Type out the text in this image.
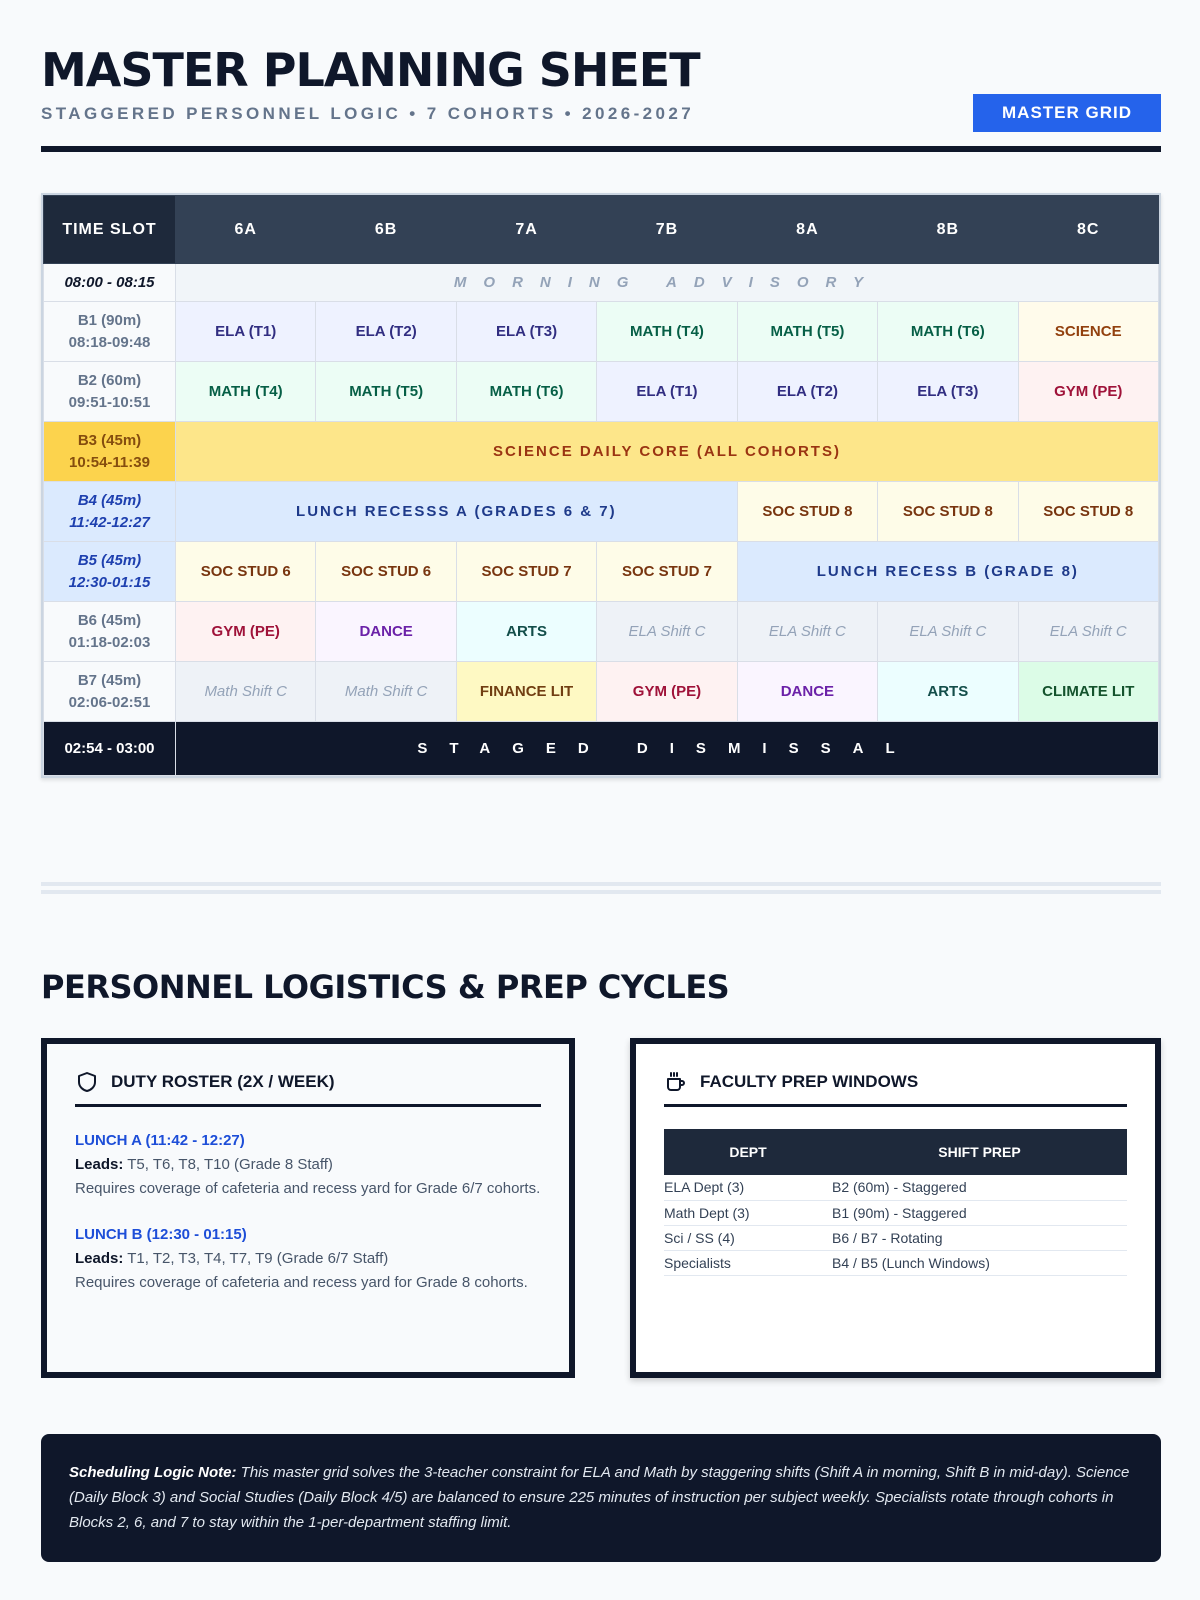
MASTER PLANNING SHEET
STAGGERED PERSONNEL LOGIC • 7 COHORTS • 2026-2027	MASTER GRID
TIME SLOT	6A	6B	7A	7B	8A	8B	8C
08:00 - 08:15	MORNING ADVISORY						

B1 (90m)
08:18-09:48	ELA (T1)	ELA (T2)	ELA (T3)	MATH (T4)	MATH (T5)	MATH (T6)	SCIENCE

B2 (60m)
09:51-10:51	MATH (T4)	MATH (T5)	MATH (T6)	ELA (T1)	ELA (T2)	ELA (T3)	GYM (PE)

B3 (45m)
10:54-11:39	SCIENCE DAILY CORE (ALL COHORTS)						

B4 (45m)
11:42-12:27	LUNCH RECESSS A (GRADES 6 & 7)				SOC STUD 8	SOC STUD 8	SOC STUD 8

B5 (45m)
12:30-01:15	SOC STUD 6	SOC STUD 6	SOC STUD 7	SOC STUD 7	LUNCH RECESS B (GRADE 8)		

B6 (45m)
01:18-02:03	GYM (PE)	DANCE	ARTS	ELA Shift C	ELA Shift C	ELA Shift C	ELA Shift C

B7 (45m)
02:06-02:51	Math Shift C	Math Shift C	FINANCE LIT	GYM (PE)	DANCE	ARTS	CLIMATE LIT
02:54 - 03:00	STAGED DISMISSAL						
PERSONNEL LOGISTICS & PREP CYCLES
DUTY ROSTER (2X / WEEK)
LUNCH A (11:42 - 12:27)
Leads: T5, T6, T8, T10 (Grade 8 Staff)
Requires coverage of cafeteria and recess yard for Grade 6/7 cohorts.
LUNCH B (12:30 - 01:15)
Leads: T1, T2, T3, T4, T7, T9 (Grade 6/7 Staff)
Requires coverage of cafeteria and recess yard for Grade 8 cohorts.
FACULTY PREP WINDOWS
DEPT	SHIFT PREP
ELA Dept (3)	B2 (60m) - Staggered
Math Dept (3)	B1 (90m) - Staggered
Sci / SS (4)	B6 / B7 - Rotating
Specialists	B4 / B5 (Lunch Windows)
Scheduling Logic Note: This master grid solves the 3-teacher constraint for ELA and Math by staggering shifts (Shift A in morning, Shift B in mid-day). Science (Daily Block 3) and Social Studies (Daily Block 4/5) are balanced to ensure 225 minutes of instruction per subject weekly. Specialists rotate through cohorts in Blocks 2, 6, and 7 to stay within the 1-per-department staffing limit.
